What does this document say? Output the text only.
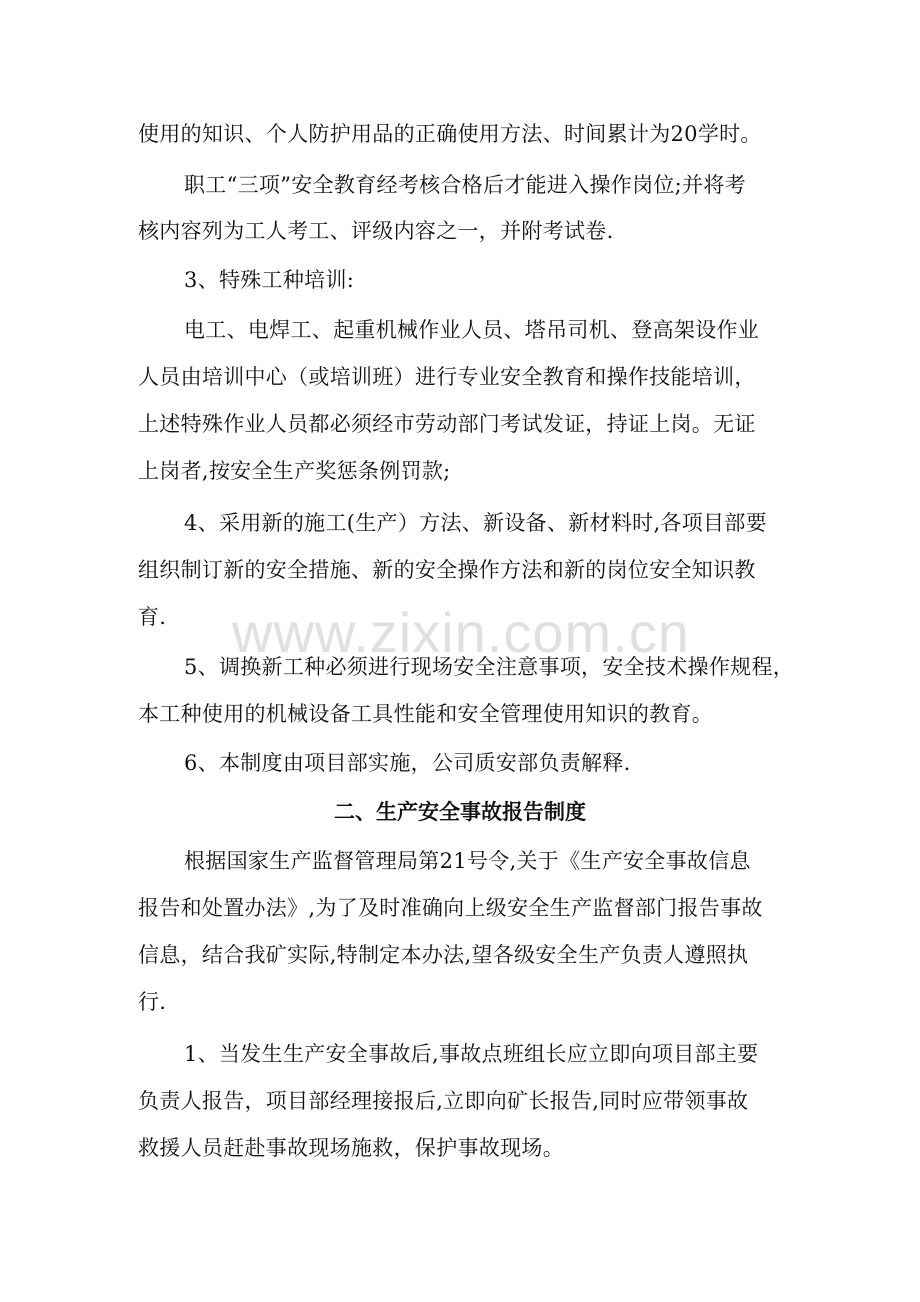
使用的知识、个人防护用品的正确使用方法、时间累计为20学时。
职工“三项”安全教育经考核合格后才能进入操作岗位;并将考
核内容列为工人考工、评级内容之一，并附考试卷.
3、特殊工种培训:
电工、电焊工、起重机械作业人员、塔吊司机、登高架设作业
人员由培训中心（或培训班）进行专业安全教育和操作技能培训，
上述特殊作业人员都必须经市劳动部门考试发证，持证上岗。无证
上岗者,按安全生产奖惩条例罚款;
4、采用新的施工(生产）方法、新设备、新材料时,各项目部要
组织制订新的安全措施、新的安全操作方法和新的岗位安全知识教
育.
5、调换新工种必须进行现场安全注意事项，安全技术操作规程，
本工种使用的机械设备工具性能和安全管理使用知识的教育。
6、本制度由项目部实施，公司质安部负责解释.
二、生产安全事故报告制度
根据国家生产监督管理局第21号令,关于《生产安全事故信息
报告和处置办法》,为了及时准确向上级安全生产监督部门报告事故
信息，结合我矿实际,特制定本办法,望各级安全生产负责人遵照执
行.
1、当发生生产安全事故后,事故点班组长应立即向项目部主要
负责人报告，项目部经理接报后,立即向矿长报告,同时应带领事故
救援人员赶赴事故现场施救，保护事故现场。
www.zixin.com.cn
